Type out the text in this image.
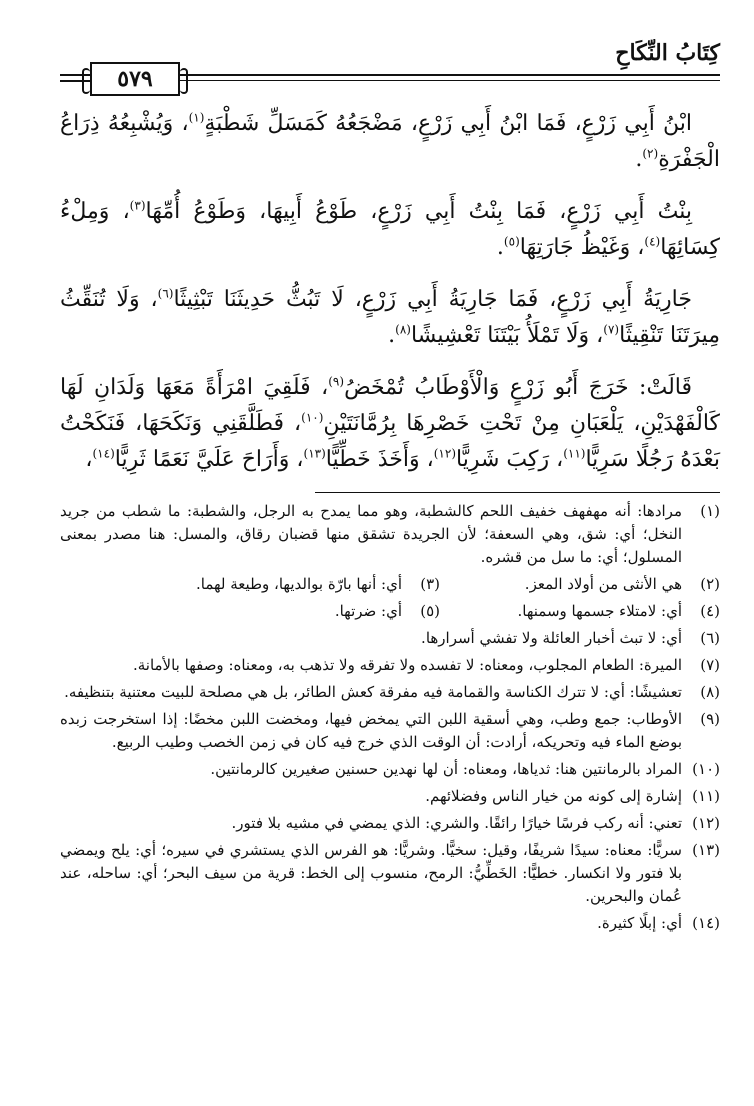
كِتَابُ النِّكَاحِ
٥٧٩

ابْنُ أَبِي زَرْعٍ، فَمَا ابْنُ أَبِي زَرْعٍ، مَضْجَعُهُ كَمَسَلِّ شَطْبَةٍ$^{(١)}$، وَيُشْبِعُهُ ذِرَاعُ الْجَفْرَةِ$^{(٢)}$.

بِنْتُ أَبِي زَرْعٍ، فَمَا بِنْتُ أَبِي زَرْعٍ، طَوْعُ أَبِيهَا، وَطَوْعُ أُمِّهَا$^{(٣)}$، وَمِلْءُ كِسَائِهَا$^{(٤)}$، وَغَيْظُ جَارَتِهَا$^{(٥)}$.

جَارِيَةُ أَبِي زَرْعٍ، فَمَا جَارِيَةُ أَبِي زَرْعٍ، لَا تَبُثُّ حَدِيثَنَا تَبْثِيثًا$^{(٦)}$، وَلَا تُنَقِّثُ مِيرَتَنَا تَنْقِيثًا$^{(٧)}$، وَلَا تَمْلَأُ بَيْتَنَا تَعْشِيشًا$^{(٨)}$.

قَالَتْ: خَرَجَ أَبُو زَرْعٍ وَالْأَوْطَابُ تُمْخَضُ$^{(٩)}$، فَلَقِيَ امْرَأَةً مَعَهَا وَلَدَانِ لَهَا كَالْفَهْدَيْنِ، يَلْعَبَانِ مِنْ تَحْتِ خَصْرِهَا بِرُمَّانَتَيْنِ$^{(١٠)}$، فَطَلَّقَنِي وَنَكَحَهَا، فَنَكَحْتُ بَعْدَهُ رَجُلًا سَرِيًّا$^{(١١)}$، رَكِبَ شَرِيًّا$^{(١٢)}$، وَأَخَذَ خَطِّيًّا$^{(١٣)}$، وَأَرَاحَ عَلَيَّ نَعَمًا ثَرِيًّا$^{(١٤)}$،

(١)
مرادها: أنه مهفهف خفيف اللحم كالشطبة، وهو مما يمدح به الرجل، والشطبة: ما شطب من جريد النخل؛ أي: شق، وهي السعفة؛ لأن الجريدة تشقق منها قضبان رقاق، والمسل: هنا مصدر بمعنى المسلول؛ أي: ما سل من قشره.
(٢)
هي الأنثى من أولاد المعز.
(٣)
أي: أنها بارّة بوالديها، وطيعة لهما.
(٤)
أي: لامتلاء جسمها وسمنها.
(٥)
أي: ضرتها.
(٦)
أي: لا تبث أخبار العائلة ولا تفشي أسرارها.
(٧)
الميرة: الطعام المجلوب، ومعناه: لا تفسده ولا تفرقه ولا تذهب به، ومعناه: وصفها بالأمانة.
(٨)
تعشيشًا: أي: لا تترك الكناسة والقمامة فيه مفرقة كعش الطائر، بل هي مصلحة للبيت معتنية بتنظيفه.
(٩)
الأوطاب: جمع وطب، وهي أسقية اللبن التي يمخض فيها، ومخضت اللبن مخضًا: إذا استخرجت زبده بوضع الماء فيه وتحريكه، أرادت: أن الوقت الذي خرج فيه كان في زمن الخصب وطيب الربيع.
(١٠)
المراد بالرمانتين هنا: ثدياها، ومعناه: أن لها نهدين حسنين صغيرين كالرمانتين.
(١١)
إشارة إلى كونه من خيار الناس وفضلائهم.
(١٢)
تعني: أنه ركب فرسًا خيارًا رائقًا. والشري: الذي يمضي في مشيه بلا فتور.
(١٣)
سريًّا: معناه: سيدًا شريفًا، وقيل: سخيًّا. وشريًّا: هو الفرس الذي يستشري في سيره؛ أي: يلح ويمضي بلا فتور ولا انكسار. خطيًّا: الخَطِّيُّ: الرمح، منسوب إلى الخط: قرية من سيف البحر؛ أي: ساحله، عند عُمان والبحرين.
(١٤)
أي: إبلًا كثيرة.
